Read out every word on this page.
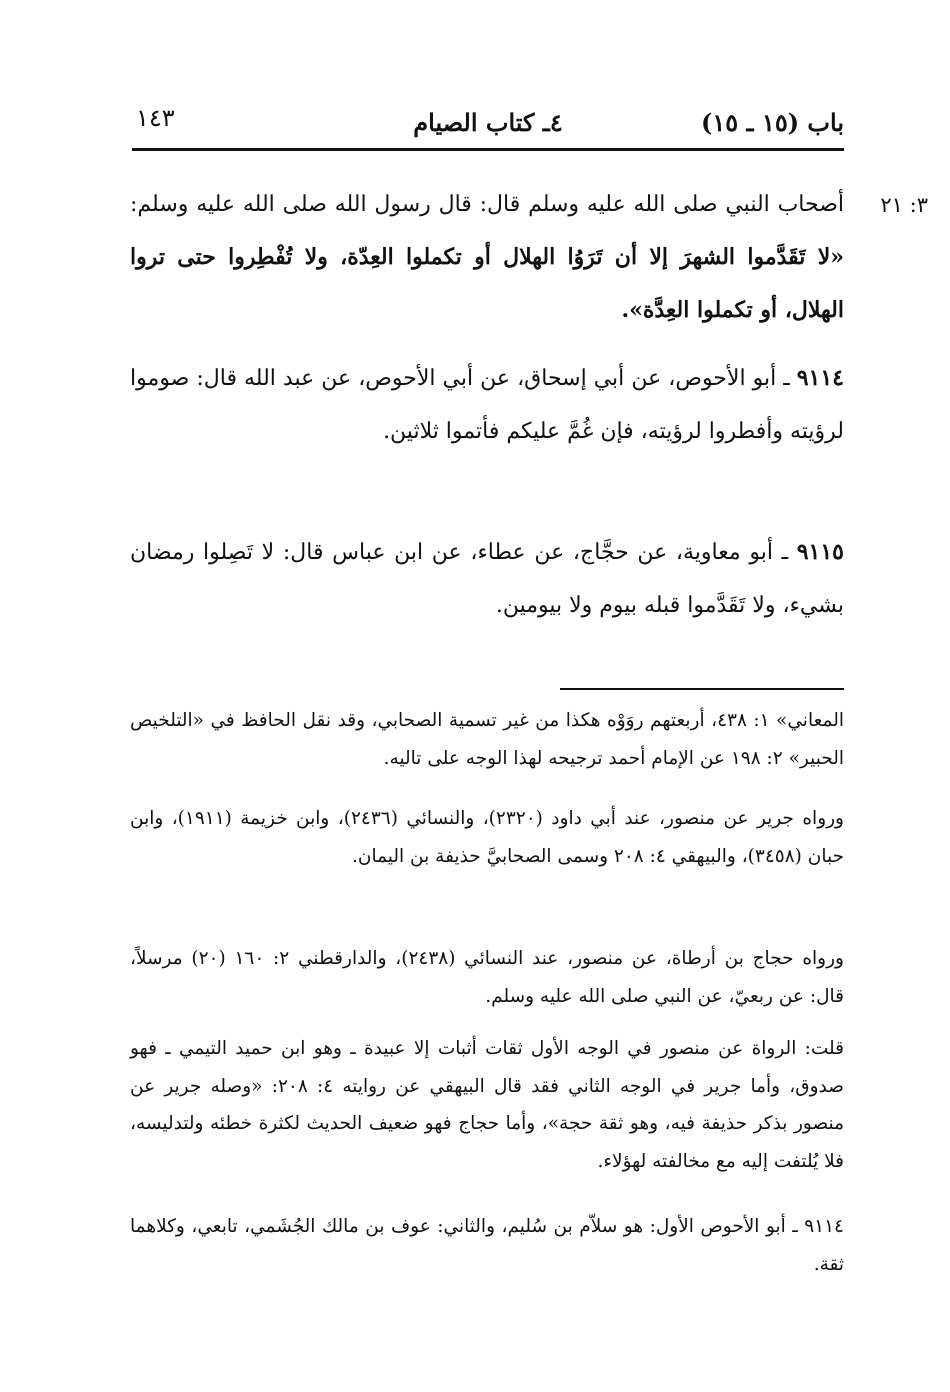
باب (١٥ ـ ١٥)
٤ـ كتاب الصيام
١٤٣
٣: ٢١
أصحاب النبي صلى الله عليه وسلم قال: قال رسول الله صلى الله عليه وسلم: «لا تَقَدَّموا الشهرَ إلا أن تَرَوُا الهلال أو تكملوا العِدّة، ولا تُفْطِروا حتى تروا الهلال، أو تكملوا العِدَّة».
٩١١٤ ـ أبو الأحوص، عن أبي إسحاق، عن أبي الأحوص، عن عبد الله قال: صوموا لرؤيته وأفطروا لرؤيته، فإن غُمَّ عليكم فأتموا ثلاثين.
٩١١٥ ـ أبو معاوية، عن حجَّاج، عن عطاء، عن ابن عباس قال: لا تَصِلوا رمضان بشيء، ولا تَقَدَّموا قبله بيوم ولا بيومين.
المعاني» ١: ٤٣٨، أربعتهم روَوْه هكذا من غير تسمية الصحابي، وقد نقل الحافظ في «التلخيص الحبير» ٢: ١٩٨ عن الإمام أحمد ترجيحه لهذا الوجه على تاليه.
ورواه جرير عن منصور، عند أبي داود (٢٣٢٠)، والنسائي (٢٤٣٦)، وابن خزيمة (١٩١١)، وابن حبان (٣٤٥٨)، والبيهقي ٤: ٢٠٨ وسمى الصحابيَّ حذيفة بن اليمان.
ورواه حجاج بن أرطاة، عن منصور، عند النسائي (٢٤٣٨)، والدارقطني ٢: ١٦٠ (٢٠) مرسلاً، قال: عن ربعيّ، عن النبي صلى الله عليه وسلم.
قلت: الرواة عن منصور في الوجه الأول ثقات أثبات إلا عبيدة ـ وهو ابن حميد التيمي ـ فهو صدوق، وأما جرير في الوجه الثاني فقد قال البيهقي عن روايته ٤: ٢٠٨: «وصله جرير عن منصور بذكر حذيفة فيه، وهو ثقة حجة»، وأما حجاج فهو ضعيف الحديث لكثرة خطئه ولتدليسه، فلا يُلتفت إليه مع مخالفته لهؤلاء.
٩١١٤ ـ أبو الأحوص الأول: هو سلاّم بن سُليم، والثاني: عوف بن مالك الجُشَمي، تابعي، وكلاهما ثقة.
